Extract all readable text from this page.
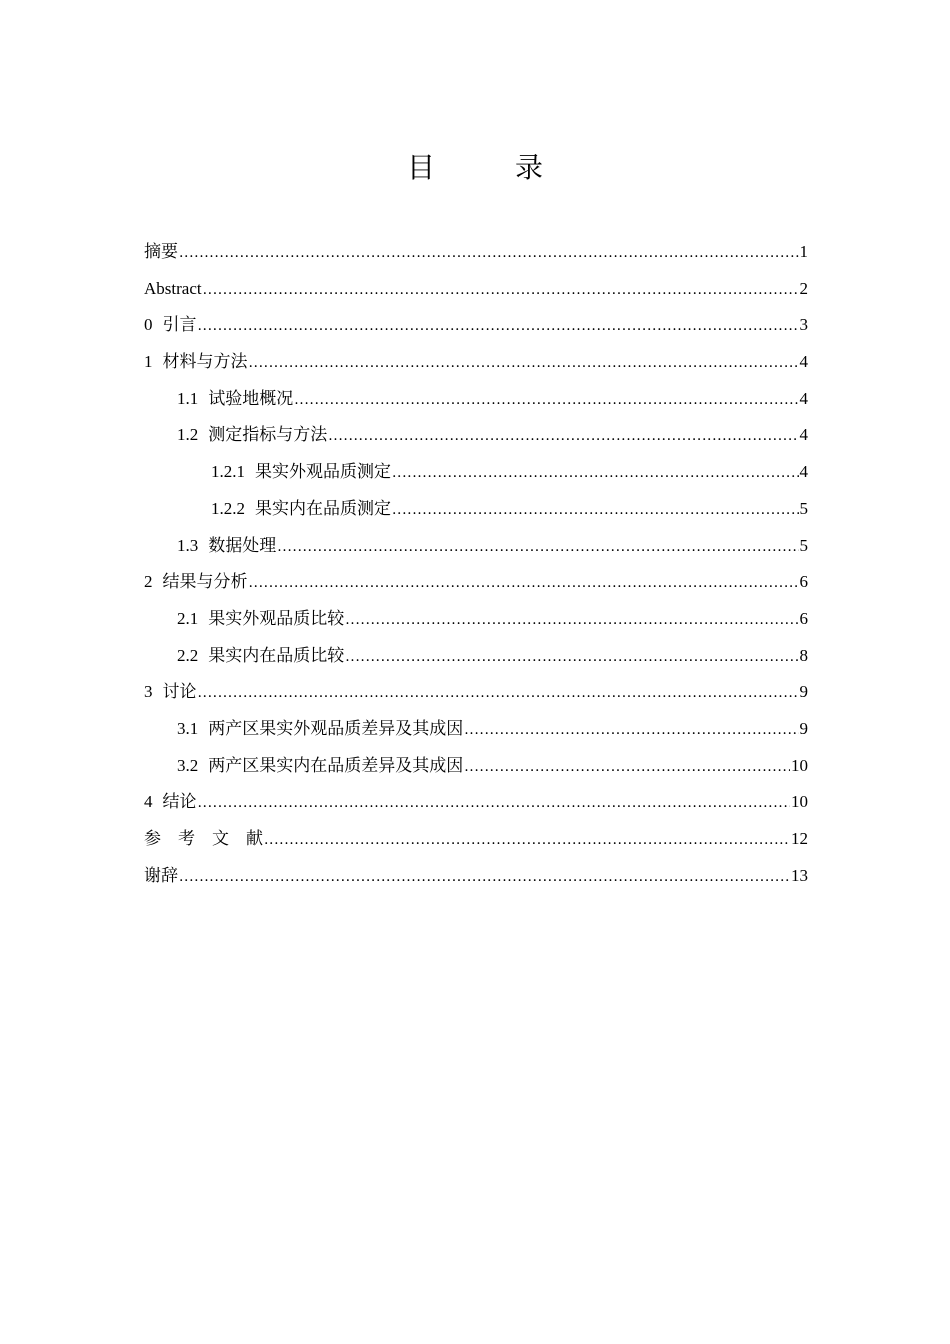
目　录
摘要 .....	1
Abstract .....	2
0 引言 .....	3
1 材料与方法 .....	4
1.1 试验地概况 .....	4
1.2 测定指标与方法 .....	4
1.2.1 果实外观品质测定 .....	4
1.2.2 果实内在品质测定 .....	5
1.3 数据处理 .....	5
2 结果与分析 .....	6
2.1 果实外观品质比较 .....	6
2.2 果实内在品质比较 .....	8
3 讨论 .....	9
3.1 两产区果实外观品质差异及其成因 .....	9
3.2 两产区果实内在品质差异及其成因 .....	10
4 结论 .....	10
参　考　文　献 .....	12
谢辞 .....	13
